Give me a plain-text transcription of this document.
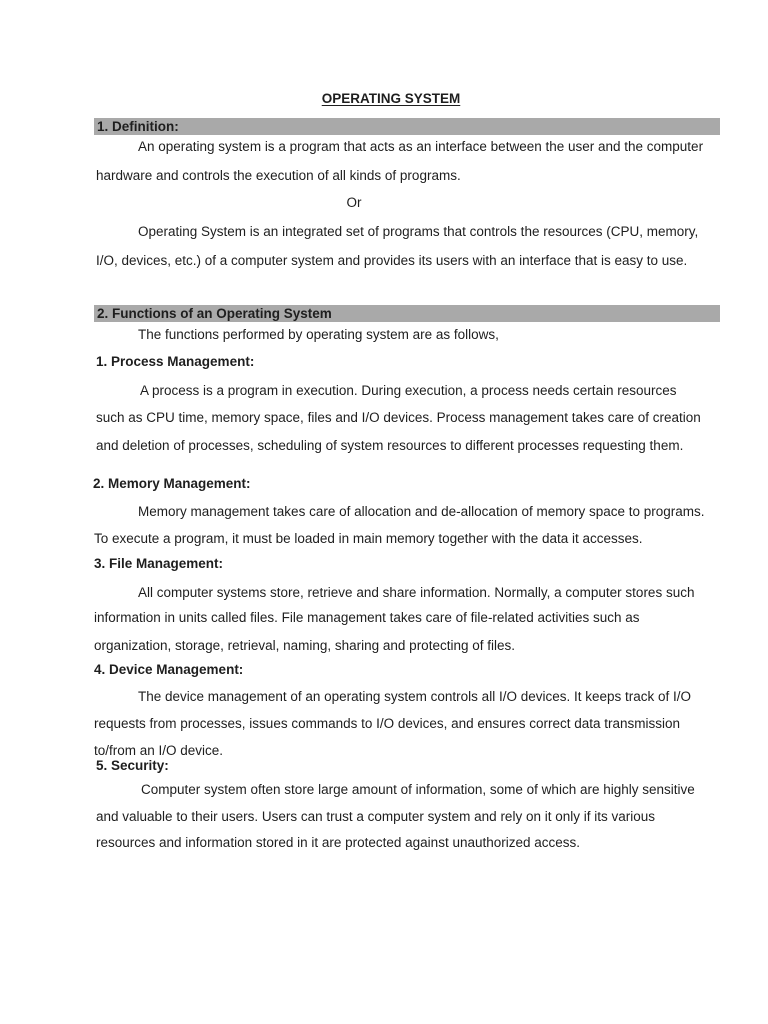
OPERATING SYSTEM
1. Definition:
An operating system is a program that acts as an interface between the user and the computer
hardware and controls the execution of all kinds of programs.
Or
Operating System is an integrated set of programs that controls the resources (CPU, memory,
I/O, devices, etc.) of a computer system and provides its users with an interface that is easy to use.
2. Functions of an Operating System
The functions performed by operating system are as follows,
1. Process Management:
A process is a program in execution. During execution, a process needs certain resources
such as CPU time, memory space, files and I/O devices. Process management takes care of creation
and deletion of processes, scheduling of system resources to different processes requesting them.
2. Memory Management:
Memory management takes care of allocation and de-allocation of memory space to programs.
To execute a program, it must be loaded in main memory together with the data it accesses.
3. File Management:
All computer systems store, retrieve and share information. Normally, a computer stores such
information in units called files. File management takes care of file-related activities such as
organization, storage, retrieval, naming, sharing and protecting of files.
4. Device Management:
The device management of an operating system controls all I/O devices. It keeps track of I/O
requests from processes, issues commands to I/O devices, and ensures correct data transmission
to/from an I/O device.
5. Security:
Computer system often store large amount of information, some of which are highly sensitive
and valuable to their users. Users can trust a computer system and rely on it only if its various
resources and information stored in it are protected against unauthorized access.
